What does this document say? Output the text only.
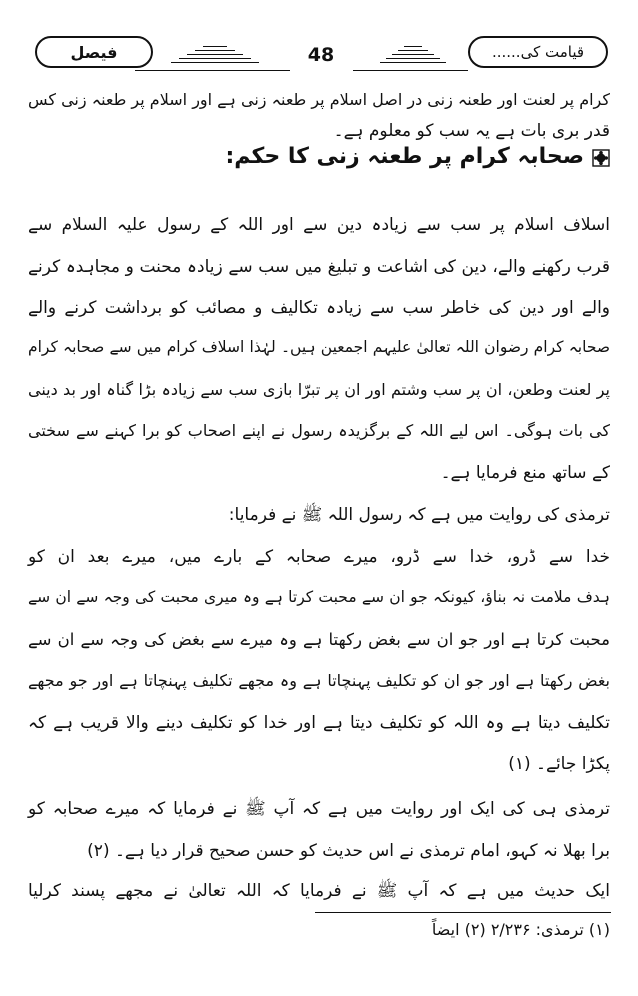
قیامت کی......
فیصل	48
کرام پر لعنت اور طعنہ زنی در اصل اسلام پر طعنہ زنی ہے اور اسلام پر طعنہ زنی کس
قدر بری بات ہے یہ سب کو معلوم ہے۔
صحابہ کرام پر طعنہ زنی کا حکم:
اسلاف اسلام پر سب سے زیادہ دین سے اور اللہ کے رسول علیہ السلام سے
قرب رکھنے والے، دین کی اشاعت و تبلیغ میں سب سے زیادہ محنت و مجاہدہ کرنے
والے اور دین کی خاطر سب سے زیادہ تکالیف و مصائب کو برداشت کرنے والے
صحابہ کرام رضوان اللہ تعالیٰ علیہم اجمعین ہیں۔ لہٰذا اسلاف کرام میں سے صحابہ کرام
پر لعنت وطعن، ان پر سب وشتم اور ان پر تبرّا بازی سب سے زیادہ بڑا گناہ اور بد دینی
کی بات ہوگی۔ اس لیے اللہ کے برگزیدہ رسول نے اپنے اصحاب کو برا کہنے سے سختی
کے ساتھ منع فرمایا ہے۔
ترمذی کی روایت میں ہے کہ رسول اللہ ﷺ نے فرمایا:
خدا سے ڈرو، خدا سے ڈرو، میرے صحابہ کے بارے میں، میرے بعد ان کو
ہدف ملامت نہ بناؤ، کیونکہ جو ان سے محبت کرتا ہے وہ میری محبت کی وجہ سے ان سے
محبت کرتا ہے اور جو ان سے بغض رکھتا ہے وہ میرے سے بغض کی وجہ سے ان سے
بغض رکھتا ہے اور جو ان کو تکلیف پہنچاتا ہے وہ مجھے تکلیف پہنچاتا ہے اور جو مجھے
تکلیف دیتا ہے وہ اللہ کو تکلیف دیتا ہے اور خدا کو تکلیف دینے والا قریب ہے کہ
پکڑا جائے۔ (۱)
ترمذی ہی کی ایک اور روایت میں ہے کہ آپ ﷺ نے فرمایا کہ میرے صحابہ کو
برا بھلا نہ کہو، امام ترمذی نے اس حدیث کو حسن صحیح قرار دیا ہے۔ (۲)
ایک حدیث میں ہے کہ آپ ﷺ نے فرمایا کہ اللہ تعالیٰ نے مجھے پسند کرلیا
(۱) ترمذی: ۲/۲۳۶ (۲) ایضاً
